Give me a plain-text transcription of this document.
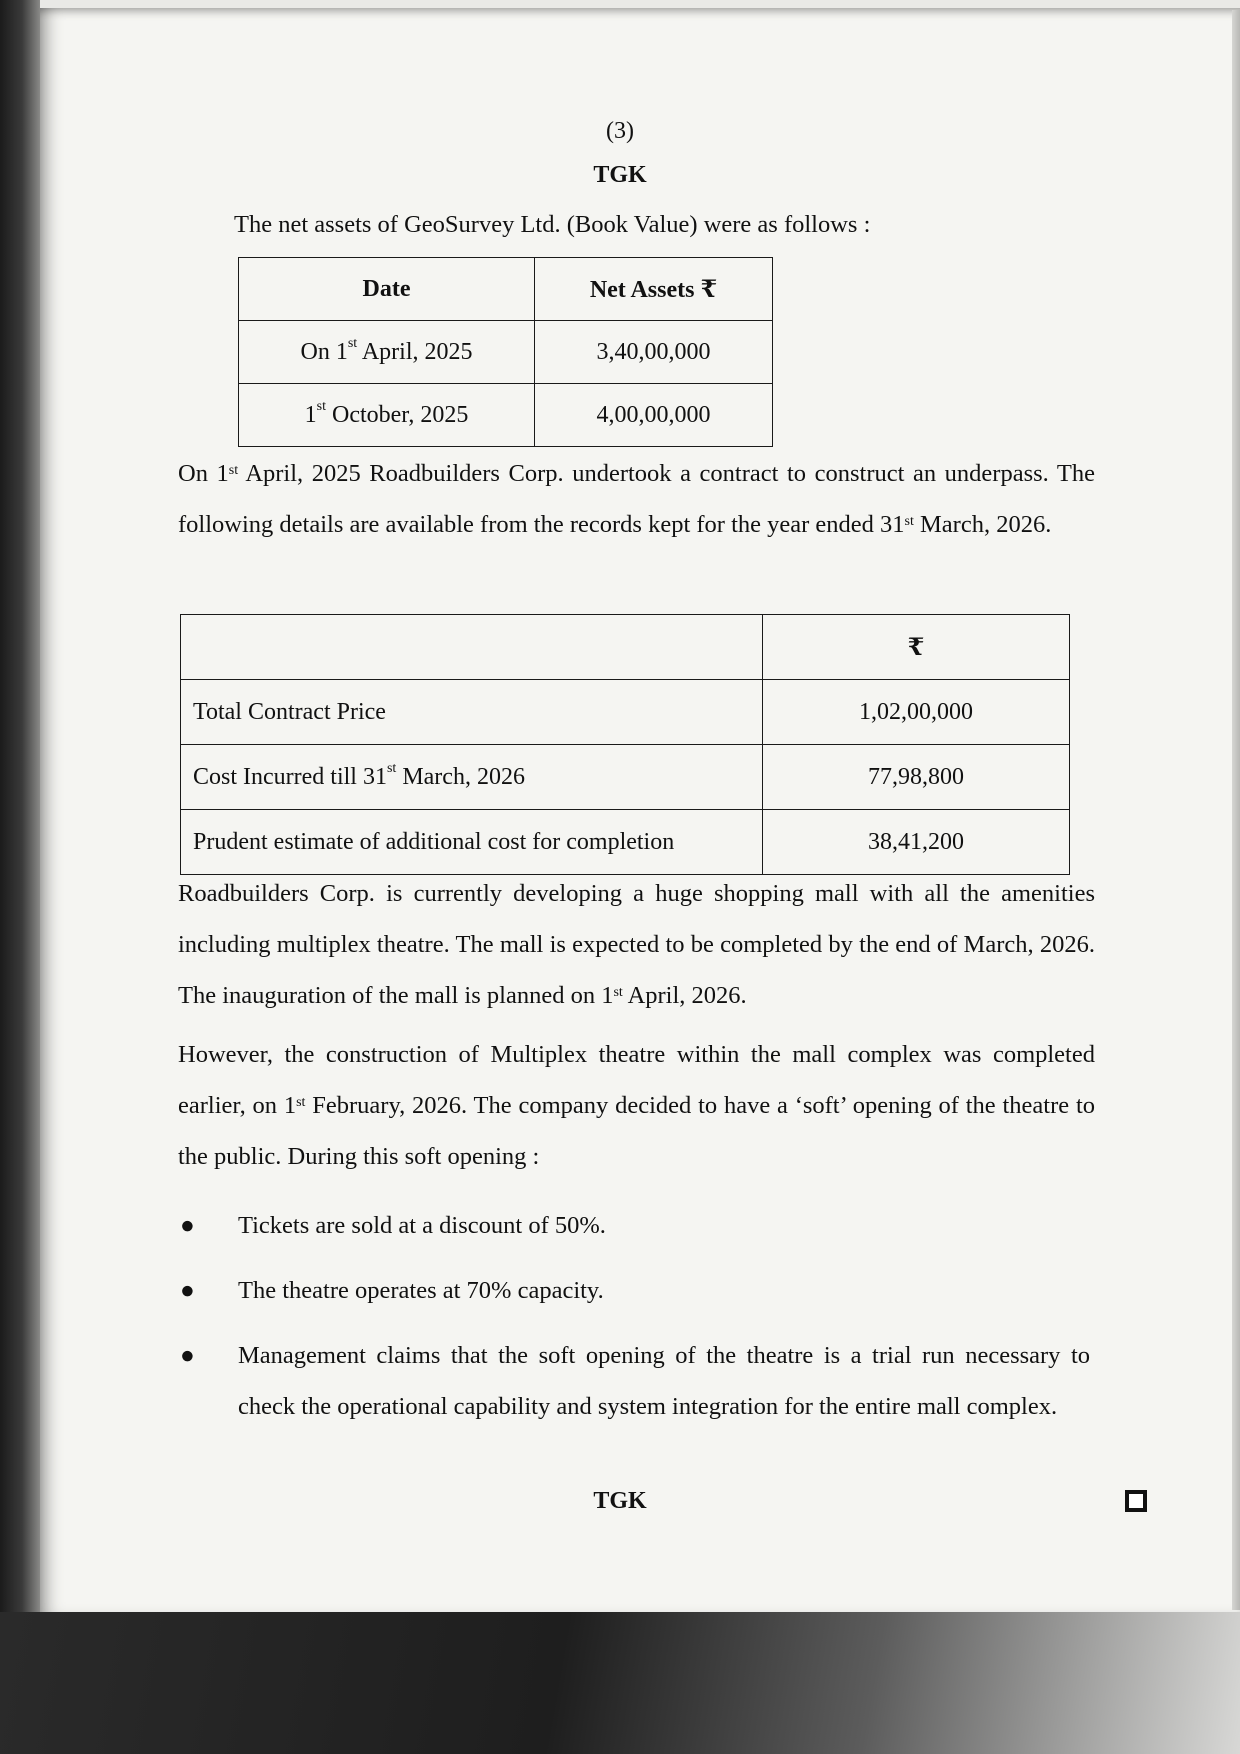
(3)
TGK
The net assets of GeoSurvey Ltd. (Book Value) were as follows :
Date	Net Assets ₹
On 1st April, 2025	3,40,00,000
1st October, 2025	4,00,00,000
On 1st April, 2025 Roadbuilders Corp. undertook a contract to construct an underpass. The following details are available from the records kept for the year ended 31st March, 2026.
	₹
Total Contract Price	1,02,00,000
Cost Incurred till 31st March, 2026	77,98,800
Prudent estimate of additional cost for completion	38,41,200
Roadbuilders Corp. is currently developing a huge shopping mall with all the amenities including multiplex theatre. The mall is expected to be completed by the end of March, 2026. The inauguration of the mall is planned on 1st April, 2026.
However, the construction of Multiplex theatre within the mall complex was completed earlier, on 1st February, 2026. The company decided to have a ‘soft’ opening of the theatre to the public. During this soft opening :
● Tickets are sold at a discount of 50%.
● The theatre operates at 70% capacity.
● Management claims that the soft opening of the theatre is a trial run necessary to check the operational capability and system integration for the entire mall complex.
TGK
